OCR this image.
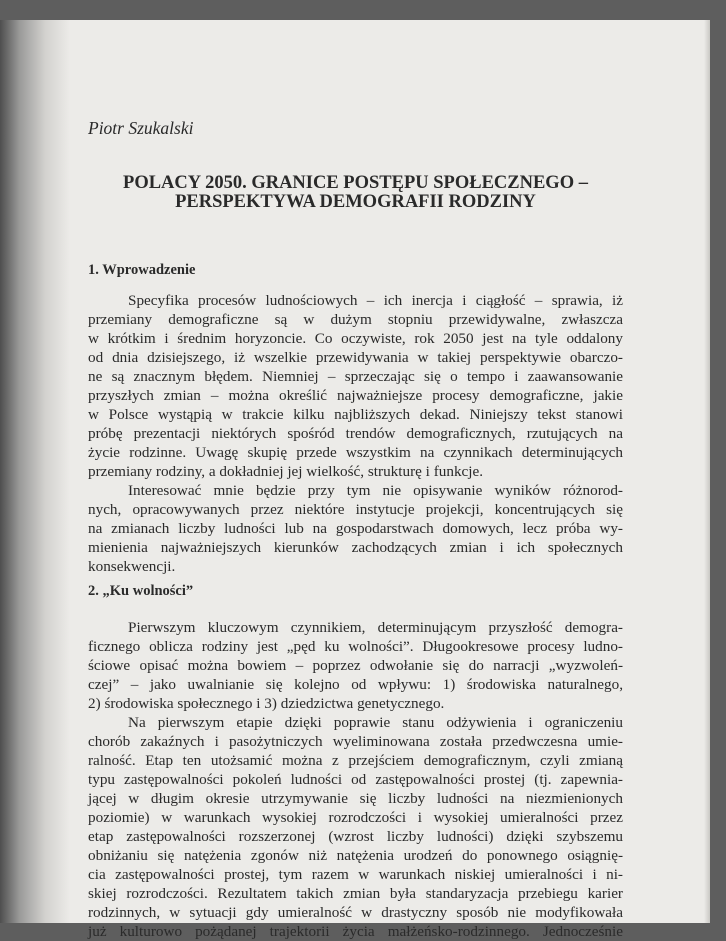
Piotr Szukalski
POLACY 2050. GRANICE POSTĘPU SPOŁECZNEGO –
PERSPEKTYWA DEMOGRAFII RODZINY
1. Wprowadzenie
Specyfika procesów ludnościowych – ich inercja i ciągłość – sprawia, iż
przemiany demograficzne są w dużym stopniu przewidywalne, zwłaszcza
w krótkim i średnim horyzoncie. Co oczywiste, rok 2050 jest na tyle oddalony
od dnia dzisiejszego, iż wszelkie przewidywania w takiej perspektywie obarczo-
ne są znacznym błędem. Niemniej – sprzeczając się o tempo i zaawansowanie
przyszłych zmian – można określić najważniejsze procesy demograficzne, jakie
w Polsce wystąpią w trakcie kilku najbliższych dekad. Niniejszy tekst stanowi
próbę prezentacji niektórych spośród trendów demograficznych, rzutujących na
życie rodzinne. Uwagę skupię przede wszystkim na czynnikach determinujących
przemiany rodziny, a dokładniej jej wielkość, strukturę i funkcje.
Interesować mnie będzie przy tym nie opisywanie wyników różnorod-
nych, opracowywanych przez niektóre instytucje projekcji, koncentrujących się
na zmianach liczby ludności lub na gospodarstwach domowych, lecz próba wy-
mienienia najważniejszych kierunków zachodzących zmian i ich społecznych
konsekwencji.
2. „Ku wolności”
Pierwszym kluczowym czynnikiem, determinującym przyszłość demogra-
ficznego oblicza rodziny jest „pęd ku wolności”. Długookresowe procesy ludno-
ściowe opisać można bowiem – poprzez odwołanie się do narracji „wyzwoleń-
czej” – jako uwalnianie się kolejno od wpływu: 1) środowiska naturalnego,
2) środowiska społecznego i 3) dziedzictwa genetycznego.
Na pierwszym etapie dzięki poprawie stanu odżywienia i ograniczeniu
chorób zakaźnych i pasożytniczych wyeliminowana została przedwczesna umie-
ralność. Etap ten utożsamić można z przejściem demograficznym, czyli zmianą
typu zastępowalności pokoleń ludności od zastępowalności prostej (tj. zapewnia-
jącej w długim okresie utrzymywanie się liczby ludności na niezmienionych
poziomie) w warunkach wysokiej rozrodczości i wysokiej umieralności przez
etap zastępowalności rozszerzonej (wzrost liczby ludności) dzięki szybszemu
obniżaniu się natężenia zgonów niż natężenia urodzeń do ponownego osiągnię-
cia zastępowalności prostej, tym razem w warunkach niskiej umieralności i ni-
skiej rozrodczości. Rezultatem takich zmian była standaryzacja przebiegu karier
rodzinnych, w sytuacji gdy umieralność w drastyczny sposób nie modyfikowała
już kulturowo pożądanej trajektorii życia małżeńsko-rodzinnego. Jednocześnie
